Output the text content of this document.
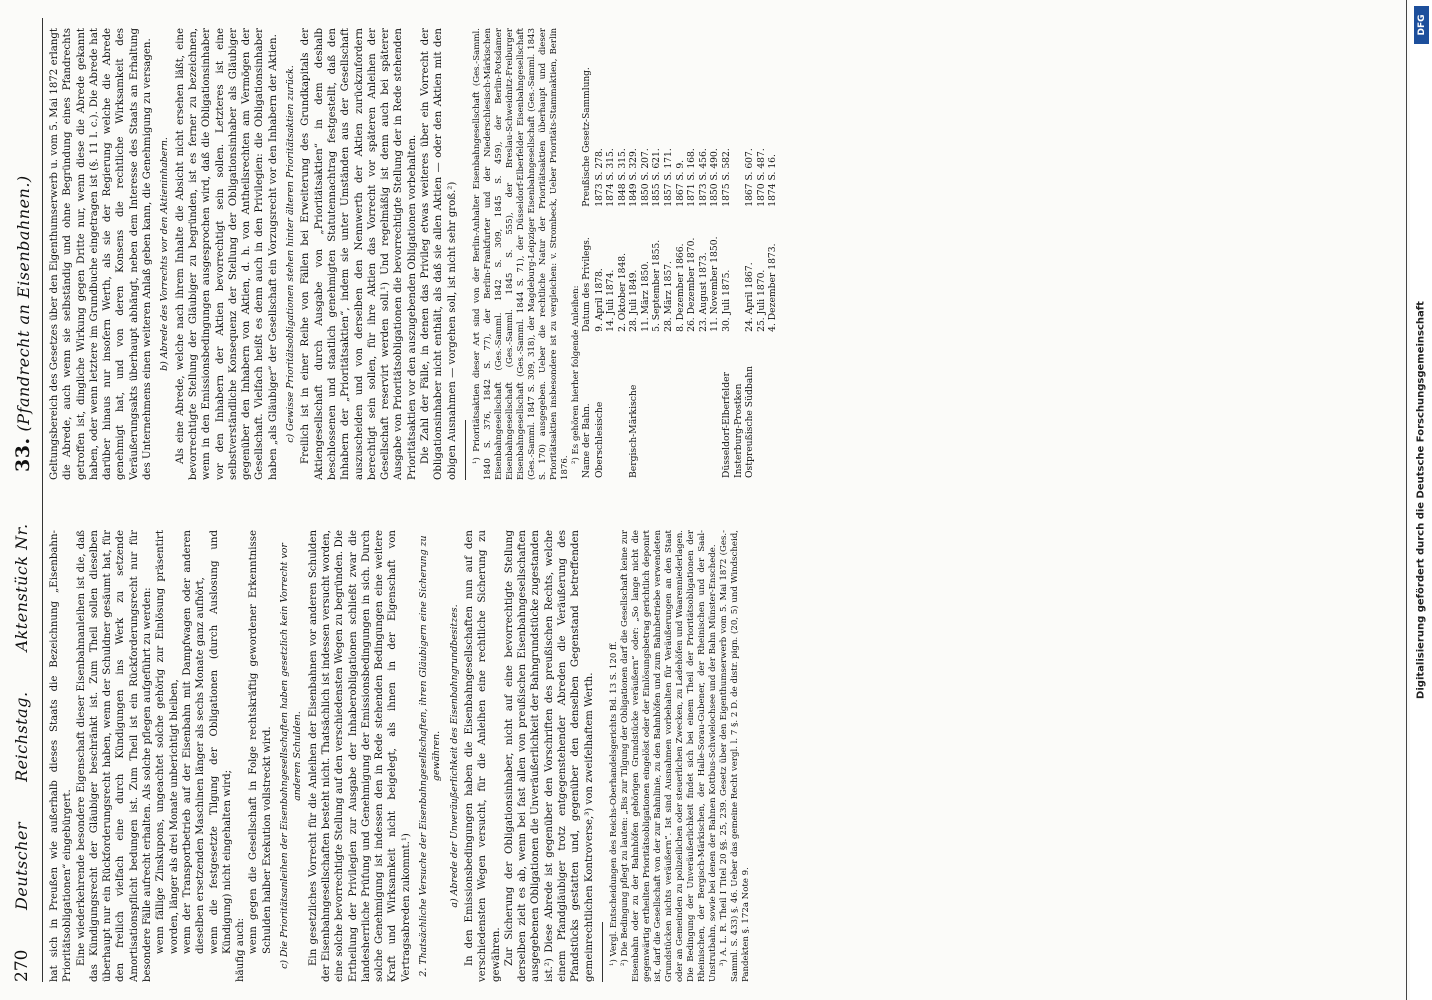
270
DeutscherReichstag.Aktenstück Nr.
33.(Pfandrecht an Eisenbahnen.)

hat sich in Preußen wie außerhalb dieses Staats die Bezeichnung „Eisenbahn-Prioritätsobligationen“ eingebürgert. Eine wiederkehrende besondere Eigenschaft dieser Eisenbahnanleihen ist die, daß das Kündigungsrecht der Gläubiger beschränkt ist. Zum Theil sollen dieselben überhaupt nur ein Rückforderungsrecht haben, wenn der Schuldner gesäumt hat, für den freilich vielfach eine durch Kündigungen ins Werk zu setzende Amortisationspflicht bedungen ist. Zum Theil ist ein Rückforderungsrecht nur für besondere Fälle aufrecht erhalten. Als solche pflegen aufgeführt zu werden: wenn fällige Zinskupons, ungeachtet solche gehörig zur Einlösung präsentirt worden, länger als drei Monate unberichtigt bleiben, wenn der Transportbetrieb auf der Eisenbahn mit Dampfwagen oder anderen dieselben ersetzenden Maschinen länger als sechs Monate ganz aufhört, wenn die festgesetzte Tilgung der Obligationen (durch Auslosung und Kündigung) nicht eingehalten wird; häufig auch: wenn gegen die Gesellschaft in Folge rechtskräftig gewordener Erkenntnisse Schulden halber Exekution vollstreckt wird. c) Die Prioritätsanleihen der Eisenbahngesellschaften haben gesetzlich kein Vorrecht vor anderen Schulden. Ein gesetzliches Vorrecht für die Anleihen der Eisenbahnen vor anderen Schulden der Eisenbahngesellschaften besteht nicht. Thatsächlich ist indessen versucht worden, eine solche bevorrechtigte Stellung auf den verschiedensten Wegen zu begründen. Die Ertheilung der Privilegien zur Ausgabe der Inhaberobligationen schließt zwar die landesherrliche Prüfung und Genehmigung der Emissionsbedingungen in sich. Durch solche Genehmigung ist indessen den in Rede stehenden Bedingungen eine weitere Kraft und Wirksamkeit nicht beigelegt, als ihnen in der Eigenschaft von Vertragsabreden zukommt.¹) 2. Thatsächliche Versuche der Eisenbahngesellschaften, ihren Gläubigern eine Sicherung zu gewähren. a) Abrede der Unveräußerlichkeit des Eisenbahngrundbesitzes. In den Emissionsbedingungen haben die Eisenbahngesellschaften nun auf den verschiedensten Wegen versucht, für die Anleihen eine rechtliche Sicherung zu gewähren. Zur Sicherung der Obligationsinhaber, nicht auf eine bevorrechtigte Stellung derselben zielt es ab, wenn bei fast allen von preußischen Eisenbahngesellschaften ausgegebenen Obligationen die Unveräußerlichkeit der Bahngrundstücke zugestanden ist.²) Diese Abrede ist gegenüber den Vorschriften des preußischen Rechts, welche einem Pfandgläubiger trotz entgegenstehender Abreden die Veräußerung des Pfandstücks gestatten und, gegenüber den denselben Gegenstand betreffenden gemeinrechtlichen Kontroverse,³) von zweifelhaftem Werth. ¹) Vergl. Entscheidungen des Reichs-Oberhandelsgerichts Bd. 13 S. 120 ff. ²) Die Bedingung pflegt zu lauten: „Bis zur Tilgung der Obligationen darf die Gesellschaft keine zur Eisenbahn oder zu der Bahnhöfen gehörigen Grundstücke veräußern“ oder: „So lange nicht die gegenwärtig ertheilten Prioritätsobligationen eingelöst oder der Einlösungsbetrag gerichtlich deponirt ist, darf die Gesellschaft von der zur Bahnlinie, zu den Bahnhöfen und zum Bahnbetriebe verwendeten Grundstücken nichts veräußern“. Ist sind Ausnahmen vorbehalten für Veräußerungen an den Staat oder an Gemeinden zu polizeilichen oder steuerlichen Zwecken, zu Ladehöfen und Waarenniederlagen. Die Bedingung der Unveräußerlichkeit findet sich bei einem Theil der Prioritätsobligationen der Rheinischen, der Bergisch-Märkischen, der Halle-Sorau-Gubener, der Rheinischen und der Saal-Unstrutbahn, sowie bei denen der Bahnen Kottbus-Schwielochsee und der Bahn Münster-Enschede. ³) A. L. R. Theil I Titel 20 §§. 25, 239. Gesetz über den Eigenthumserwerb vom 5. Mai 1872 (Ges.-Samml. S. 433) §. 46. Ueber das gemeine Recht vergl. l. 7 §. 2 D. de distr. pign. (20, 5) und Windscheid, Pandekten §. 172a Note 9.

Geltungsbereich des Gesetzes über den Eigenthumserwerb u. vom 5. Mai 1872 erlangt die Abrede, auch wenn sie selbständig und ohne Begründung eines Pfandrechts getroffen ist, dingliche Wirkung gegen Dritte nur, wenn diese die Abrede gekannt haben, oder wenn letztere im Grundbuche eingetragen ist (§. 11 l. c.). Die Abrede hat darüber hinaus nur insofern Werth, als sie der Regierung welche die Abrede genehmigt hat, und von deren Konsens die rechtliche Wirksamkeit des Veräußerungsakts überhaupt abhängt, neben dem Interesse des Staats an Erhaltung des Unternehmens einen weiteren Anlaß geben kann, die Genehmigung zu versagen. b) Abrede des Vorrechts vor den Aktieninhabern. Als eine Abrede, welche nach ihrem Inhalte die Absicht nicht ersehen läßt, eine bevorrechtigte Stellung der Gläubiger zu begründen, ist es ferner zu bezeichnen, wenn in den Emissionsbedingungen ausgesprochen wird, daß die Obligationsinhaber vor den Inhabern der Aktien bevorrechtigt sein sollen. Letzteres ist eine selbstverständliche Konsequenz der Stellung der Obligationsinhaber als Gläubiger gegenüber den Inhabern von Aktien, d. h. von Antheilsrechten am Vermögen der Gesellschaft. Vielfach heißt es denn auch in den Privilegien: die Obligationsinhaber haben „als Gläubiger“ der Gesellschaft ein Vorzugsrecht vor den Inhabern der Aktien. c) Gewisse Prioritätsobligationen stehen hinter älteren Prioritätsaktien zurück. Freilich ist in einer Reihe von Fällen bei Erweiterung des Grundkapitals der Aktiengesellschaft durch Ausgabe von „Prioritätsaktien“ in dem deshalb beschlossenen und staatlich genehmigten Statutennachtrag festgestellt, daß den Inhabern der „Prioritätsaktien“, indem sie unter Umständen aus der Gesellschaft auszuscheiden und von derselben den Nennwerth der Aktien zurückzufordern berechtigt sein sollen, für ihre Aktien das Vorrecht vor späteren Anleihen der Gesellschaft reservirt werden soll.¹) Und regelmäßig ist denn auch bei späterer Ausgabe von Prioritätsobligationen die bevorrechtigte Stellung der in Rede stehenden Prioritätsaktien vor den auszugebenden Obligationen vorbehalten. Die Zahl der Fälle, in denen das Privileg etwas weiteres über ein Vorrecht der Obligationsinhaber nicht enthält, als daß sie allen Aktien — oder den Aktien mit den obigen Ausnahmen — vorgehen soll, ist nicht sehr groß.²) ¹) Prioritätsaktien dieser Art sind von der Berlin-Anhalter Eisenbahngesellschaft (Ges.-Samml. 1840 S. 376, 1842 S. 77), der Berlin-Frankfurter und der Niederschlesisch-Märkischen Eisenbahngesellschaft (Ges.-Samml. 1842 S. 309, 1845 S. 459), der Berlin-Potsdamer Eisenbahngesellschaft (Ges.-Samml. 1845 S. 555), der Breslau-Schweidnitz-Freiburger Eisenbahngesellschaft (Ges.-Samml. 1844 S. 71), der Düsseldorf-Elberfelder Eisenbahngesellschaft (Ges.-Samml. 1847 S. 309, 318), der Magdeburg-Leipziger Eisenbahngesellschaft (Ges.-Samml. 1843 S. 170) ausgegeben. Ueber die rechtliche Natur der Prioritätsaktien überhaupt und dieser Prioritätsaktien insbesondere ist zu vergleichen: v. Strombeck, Ueber Prioritäts-Stammaktien, Berlin 1876.

²) Es gehören hierher folgende Anleihen: Name der Bahn.	Datum des Privilegs.	Preußische Gesetz-Sammlung.
Oberschlesische	9. April 1878.	1873 S. 278.
	14. Juli 1874.	1874 S. 315.
	2. Oktober 1848.	1848 S. 315.
Bergisch-Märkische	28. Juli 1849.	1849 S. 329.
	11. März 1850.	1850 S. 207.
	5. September 1855.	1855 S. 621.
	28. März 1857.	1857 S. 171.
	8. Dezember 1866.	1867 S. 9.
	26. Dezember 1870.	1871 S. 168.
	23. August 1873.	1873 S. 456.
	11. November 1850.	1850 S. 490.
Düsseldorf-Elberfelder	30. Juli 1875.	1875 S. 582.
Insterburg-Prostken		
Ostpreußische Südbahn	24. April 1867.	1867 S. 607.
	25. Juli 1870.	1870 S. 487.
	4. Dezember 1873.	1874 S. 16.
Digitalisierung gefördert durch die Deutsche Forschungsgemeinschaft
DFG
